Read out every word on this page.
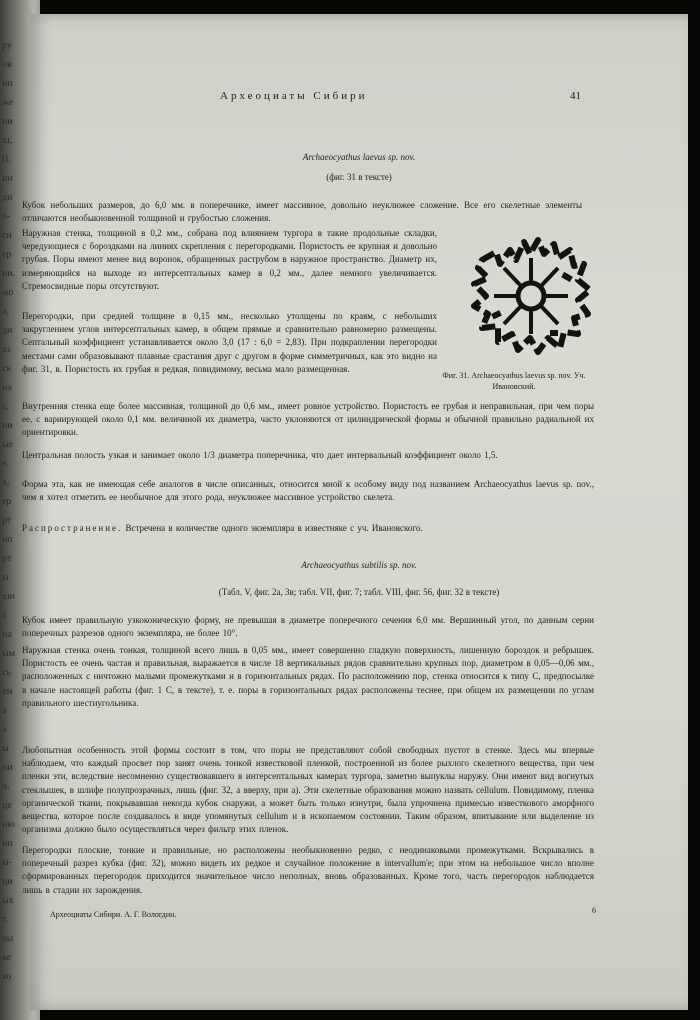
ру
ов
ии
же
ни
ш,
II.
ии
ди
о-
си
ер
ии.
мо
а,
ди
аз
ск
на
с,
ни
ые
е.
в,
ер
рт
но
рт
ы
ши
з
на
ым
сь
ем
a
а
ы
ни
ч.
це
ию
ии
ы-
ци
ых
т.
вы
ке
ко
Археоциаты Сибири	41
Archaeocyathus laevus sp. nov.
(фиг. 31 в тексте)

Кубок небольших размеров, до 6,0 мм. в поперечнике, имеет массивное, довольно неуклюжее сложение. Все его скелетные элементы отличаются необыкновенной толщиной и грубостью сложения.

Наружная стенка, толщиной в 0,2 мм., собрана под влиянием тургора в такие продольные складки, чередующиеся с бороздками на линиях скрепления с перегородками. Пористость ее крупная и довольно грубая. Поры имеют менее вид воронок, обращенных раструбом в наружное пространство. Диаметр их, измеряющийся на выходе из интерсептальных камер в 0,2 мм., далее немного увеличивается. Стремосвидные поры отсутствуют.

Перегородки, при средней толщине в 0,15 мм., несколько утолщены по краям, с небольших закруглением углов интерсептальных камер, в общем прямые и сравнительно равномерно размещены. Септальный коэффициент устанавливается около 3,0 (17 : 6,0 = 2,83). При подкраплении перегородки местами сами образовывают плавные срастания друг с другом в форме симметричных, как это видно на фиг. 31, в. Пористость их грубая и редкая, повидимому, весьма мало размещенная.

Внутренняя стенка еще более массивная, толщиной до 0,6 мм., имеет ровное устройство. Пористость ее грубая и неправильная, при чем поры ее, с вариирующей около 0,1 мм. величиной их диаметра, часто уклоняются от цилиндрической формы и обычной правильно радиальной их ориентировки.

Центральная полость узкая и занимает около 1/3 диаметра поперечника, что дает интервальный коэффициент около 1,5.

Форма эта, как не имеющая себе аналогов в числе описанных, относится мной к особому виду под названием Archaeocyathus laevus sp. nov., чем я хотел отметить ее необычное для этого рода, неуклюжее массивное устройство скелета.

Распространение. Встречена в количестве одного экземпляра в известняке с уч. Ивановского.

Фиг. 31. Archaeocyathus laevus sp. nov. Уч. Ивановский.
Archaeocyathus subtilis sp. nov.
(Табл. V, фиг. 2а, 3в; табл. VII, фиг. 7; табл. VIII, фиг. 56, фиг. 32 в тексте)

Кубок имеет правильную узкоконическую форму, не превышая в диаметре поперечного сечения 6,0 мм. Вершинный угол, по данным серии поперечных разрезов одного экземпляра, не более 10°.

Наружная стенка очень тонкая, толщиной всего лишь в 0,05 мм., имеет совершенно гладкую поверхность, лишенную бороздок и ребрышек. Пористость ее очень частая и правильная, выражается в числе 18 вертикальных рядов сравнительно крупных пор, диаметром в 0,05—0,06 мм., расположенных с ничтожно малыми промежутками и в горизонтальных рядах. По расположению пор, стенка относится к типу С, предпосылке в начале настоящей работы (фиг. 1 С, в тексте), т. е. поры в горизонтальных рядах расположены теснее, при общем их размещении по углам правильного шестиугольника.

Любопытная особенность этой формы состоит в том, что поры не представляют собой свободных пустот в стенке. Здесь мы впервые наблюдаем, что каждый просвет пор занят очень тонкой известковой пленкой, построенной из более рыхлого скелетного вещества, при чем пленки эти, вследствие несомненно существовавшего в интерсептальных камерах тургора, заметно выпуклы наружу. Они имеют вид вогнутых стеклышек, в шлифе полупрозрачных, лишь (фиг. 32, а вверху, при а). Эти скелетные образования можно назвать cellulum. Повидимому, пленка органической ткани, покрывавшая некогда кубок снаружи, а может быть только изнутри, была упрочнена примесью известкового аморфного вещества, которое после создавалось в виде упомянутых cellulum и в ископаемом состоянии. Таким образом, впитывание или выделение из организма должно было осуществляться через фильтр этих пленок.

Перегородки плоские, тонкие и правильные, но расположены необыкновенно редко, с неодинаковыми промежутками. Вскрывались в поперечный разрез кубка (фиг. 32), можно видеть их редкое и случайное положение в intervallum'е; при этом на небольшое число вполне сформированных перегородок приходится значительное число неполных, вновь образованных. Кроме того, часть перегородок наблюдается лишь в стадии их зарождения.

Археоциаты Сибири. А. Г. Вологдин.	6
